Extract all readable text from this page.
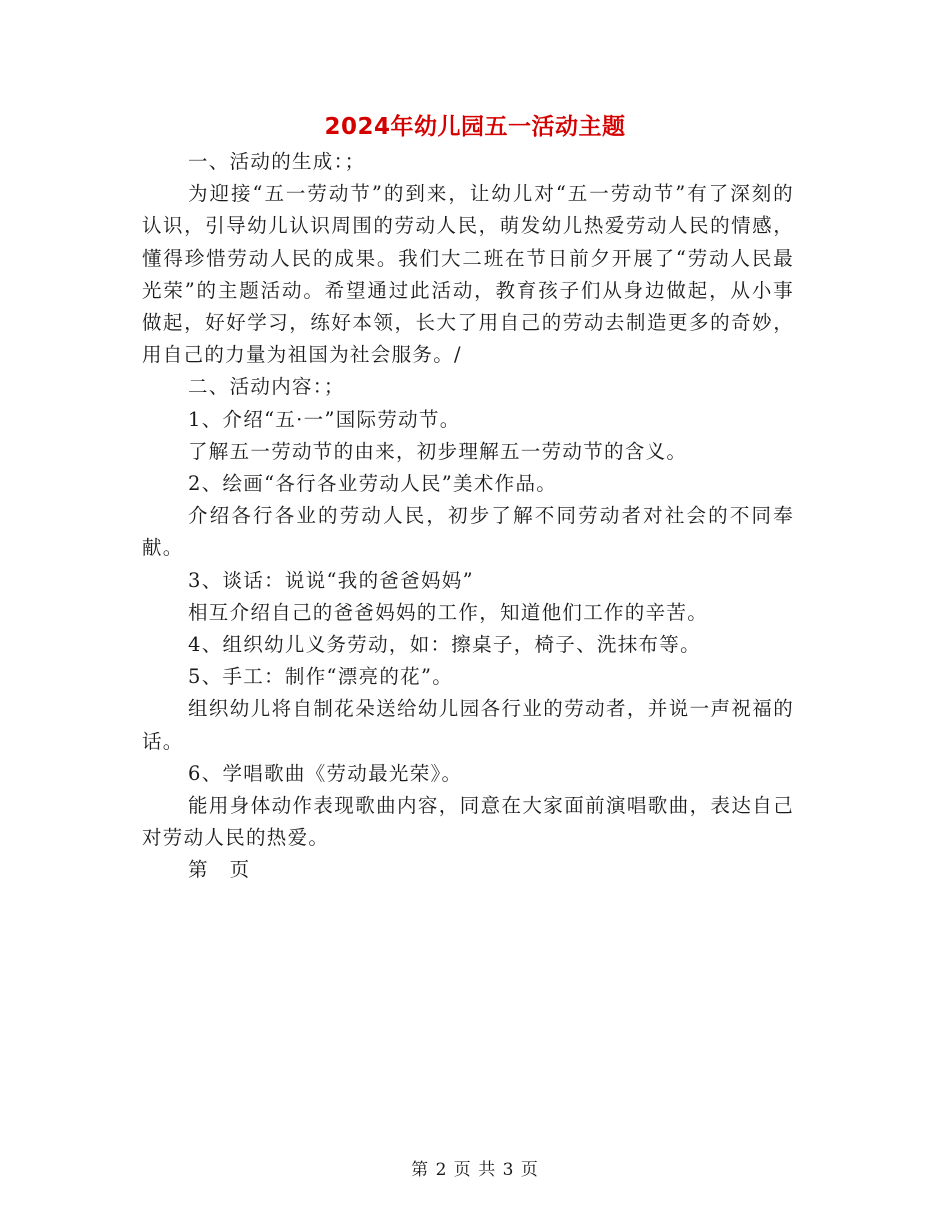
2024年幼儿园五一活动主题

一、活动的生成：；

为迎接“五一劳动节”的到来，让幼儿对“五一劳动节”有了深刻的认识，引导幼儿认识周围的劳动人民，萌发幼儿热爱劳动人民的情感，懂得珍惜劳动人民的成果。我们大二班在节日前夕开展了“劳动人民最光荣”的主题活动。希望通过此活动，教育孩子们从身边做起，从小事做起，好好学习，练好本领，长大了用自己的劳动去制造更多的奇妙，用自己的力量为祖国为社会服务。/

二、活动内容：；

1、介绍“五·一”国际劳动节。

了解五一劳动节的由来，初步理解五一劳动节的含义。

2、绘画“各行各业劳动人民”美术作品。

介绍各行各业的劳动人民，初步了解不同劳动者对社会的不同奉献。

3、谈话：说说“我的爸爸妈妈”

相互介绍自己的爸爸妈妈的工作，知道他们工作的辛苦。

4、组织幼儿义务劳动，如：擦桌子，椅子、洗抹布等。

5、手工：制作“漂亮的花”。

组织幼儿将自制花朵送给幼儿园各行业的劳动者，并说一声祝福的话。

6、学唱歌曲《劳动最光荣》。

能用身体动作表现歌曲内容，同意在大家面前演唱歌曲，表达自己对劳动人民的热爱。

第　页

第 2 页 共 3 页
